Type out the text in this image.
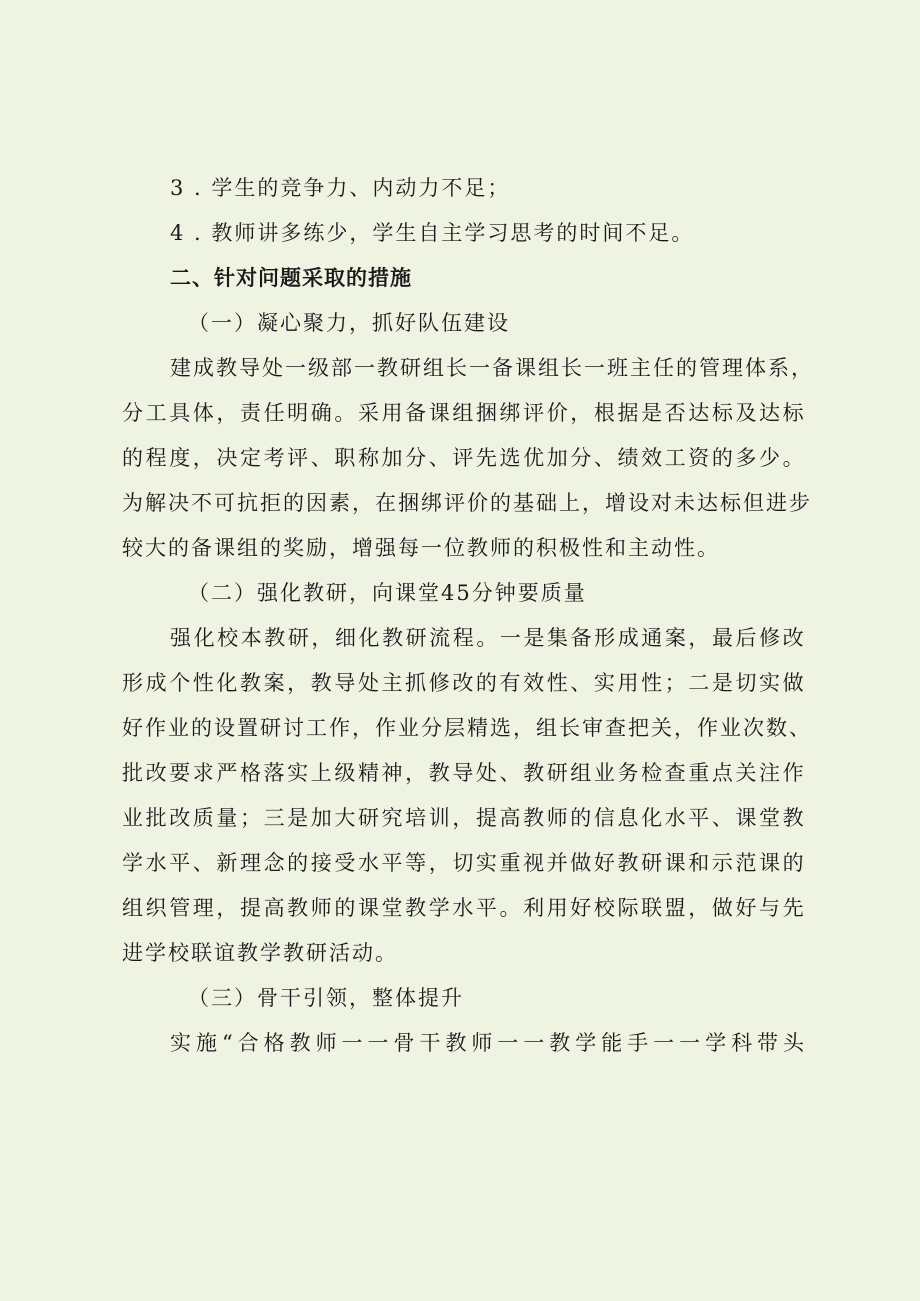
3 . 学生的竞争力、内动力不足；
4 . 教师讲多练少，学生自主学习思考的时间不足。
二、针对问题采取的措施
（一）凝心聚力，抓好队伍建设
建 成 教 导 处 一 级 部 一 教 研 组 长 一 备 课 组 长 一 班 主 任 的 管 理 体 系 ，
分 工 具 体 ， 责 任 明 确 。 采 用 备 课 组 捆 绑 评 价 ， 根 据 是 否 达 标 及 达 标
的 程 度 ， 决 定 考 评 、 职 称 加 分 、 评 先 选 优 加 分 、 绩 效 工 资 的 多 少 。
为解决不可抗拒的因素，在捆绑评价的基础上，增设对未达标但进步
较大的备课组的奖励，增强每一位教师的积极性和主动性。
（二）强化教研，向课堂45分钟要质量
强 化 校 本 教 研 ， 细 化 教 研 流 程 。 一 是 集 备 形 成 通 案 ， 最 后 修 改
形 成 个 性 化 教 案 ， 教 导 处 主 抓 修 改 的 有 效 性 、 实 用 性 ； 二 是 切 实 做
好 作 业 的 设 置 研 讨 工 作 ， 作 业 分 层 精 选 ， 组 长 审 查 把 关 ， 作 业 次 数 、
批 改 要 求 严 格 落 实 上 级 精 神 ， 教 导 处 、 教 研 组 业 务 检 查 重 点 关 注 作
业 批 改 质 量 ； 三 是 加 大 研 究 培 训 ， 提 高 教 师 的 信 息 化 水 平 、 课 堂 教
学 水 平 、 新 理 念 的 接 受 水 平 等 ， 切 实 重 视 并 做 好 教 研 课 和 示 范 课 的
组 织 管 理 ， 提 高 教 师 的 课 堂 教 学 水 平 。 利 用 好 校 际 联 盟 ， 做 好 与 先
进学校联谊教学教研活动。
（三）骨干引领，整体提升
实 施 “ 合 格 教 师 一 一 骨 干 教 师 一 一 教 学 能 手 一 一 学 科 带 头
